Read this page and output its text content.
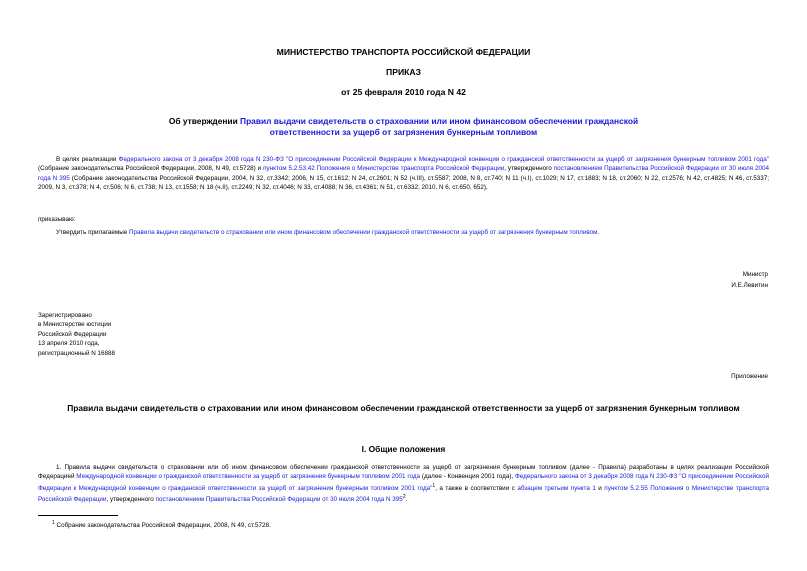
МИНИСТЕРСТВО ТРАНСПОРТА РОССИЙСКОЙ ФЕДЕРАЦИИ
ПРИКАЗ
от 25 февраля 2010 года N 42
Об утверждении Правил выдачи свидетельств о страховании или ином финансовом обеспечении гражданской ответственности за ущерб от загрязнения бункерным топливом
В целях реализации Федерального закона от 3 декабря 2008 года N 230-ФЗ "О присоединении Российской Федерации к Международной конвенции о гражданской ответственности за ущерб от загрязнения бункерным топливом 2001 года" (Собрание законодательства Российской Федерации, 2008, N 49, ст.5728) и пунктом 5.2.53.42 Положения о Министерстве транспорта Российской Федерации, утвержденного постановлением Правительства Российской Федерации от 30 июля 2004 года N 395 (Собрание законодательства Российской Федерации, 2004, N 32, ст.3342; 2006, N 15, ст.1612; N 24, ст.2601; N 52 (ч.III), ст.5587; 2008, N 8, ст.740; N 11 (ч.I), ст.1029; N 17, ст.1883; N 18, ст.2060; N 22, ст.2576; N 42, ст.4825; N 46, ст.5337; 2009, N 3, ст.378; N 4, ст.506; N 6, ст.738; N 13, ст.1558; N 18 (ч.II), ст.2249; N 32, ст.4046; N 33, ст.4088; N 36, ст.4361; N 51, ст.6332; 2010, N 6, ст.650, 652),
приказываю:
Утвердить прилагаемые Правила выдачи свидетельств о страховании или ином финансовом обеспечении гражданской ответственности за ущерб от загрязнения бункерным топливом.
Министр
И.Е.Левитин

Зарегистрировано

в Министерстве юстиции

Российской Федерации

13 апреля 2010 года,

регистрационный N 16888

Приложение
Правила выдачи свидетельств о страховании или ином финансовом обеспечении гражданской ответственности за ущерб от загрязнения бункерным топливом
I. Общие положения
1. Правила выдачи свидетельств о страховании или об ином финансовом обеспечении гражданской ответственности за ущерб от загрязнения бункерным топливом (далее - Правила) разработаны в целях реализации Российской Федерацией Международной конвенции о гражданской ответственности за ущерб от загрязнения бункерным топливом 2001 года (далее - Конвенция 2001 года), Федерального закона от 3 декабря 2008 года N 230-ФЗ "О присоединении Российской Федерации к Международной конвенции о гражданской ответственности за ущерб от загрязнения бункерным топливом 2001 года"$^1$, а также в соответствии с абзацем третьим пункта 1 и пунктом 5.2.55 Положения о Министерстве транспорта Российской Федерации, утвержденного постановлением Правительства Российской Федерации от 30 июля 2004 года N $395^2$.
$^1$ Собрание законодательства Российской Федерации, 2008, N 49, ст.5728.
